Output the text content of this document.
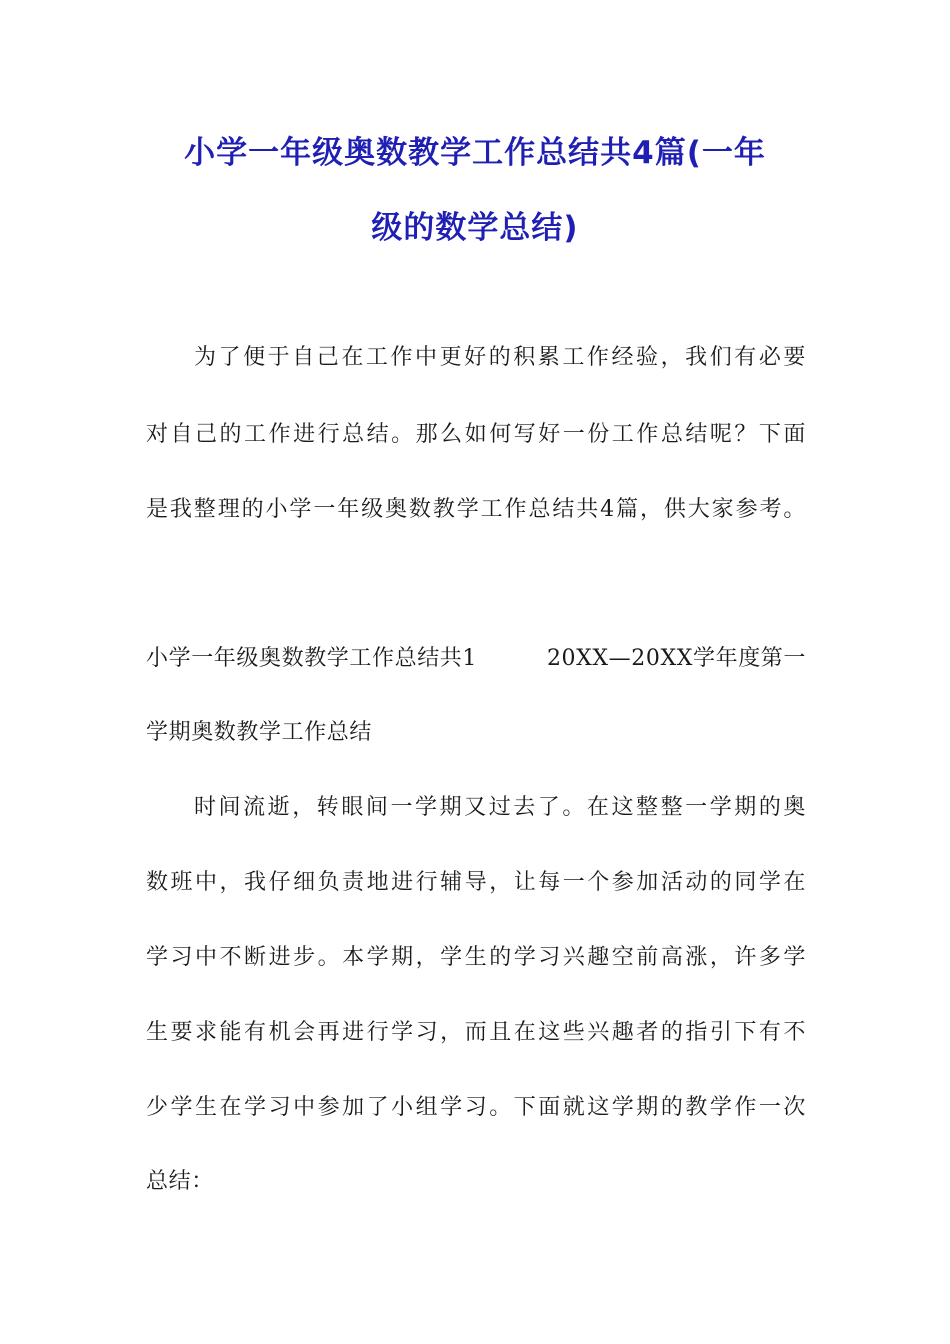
小学一年级奥数教学工作总结共4篇(一年
级的数学总结)

为了便于自己在工作中更好的积累工作经验，我们有必要

对自己的工作进行总结。那么如何写好一份工作总结呢？下面

是我整理的小学一年级奥数教学工作总结共4篇，供大家参考。

小学一年级奥数教学工作总结共1	20XX—20XX学年度第一

学期奥数教学工作总结

时间流逝，转眼间一学期又过去了。在这整整一学期的奥

数班中，我仔细负责地进行辅导，让每一个参加活动的同学在

学习中不断进步。本学期，学生的学习兴趣空前高涨，许多学

生要求能有机会再进行学习，而且在这些兴趣者的指引下有不

少学生在学习中参加了小组学习。下面就这学期的教学作一次

总结：
